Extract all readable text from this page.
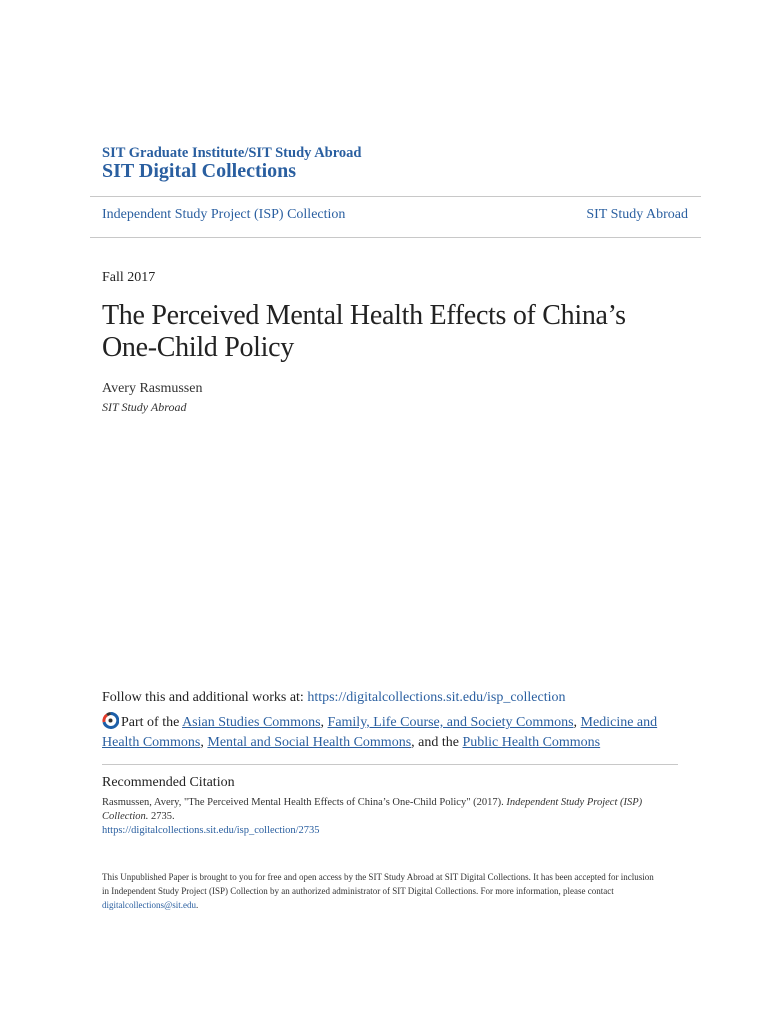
SIT Graduate Institute/SIT Study Abroad
SIT Digital Collections
Independent Study Project (ISP) Collection	SIT Study Abroad
Fall 2017
The Perceived Mental Health Effects of China’s One-Child Policy
Avery Rasmussen
SIT Study Abroad
Follow this and additional works at: https://digitalcollections.sit.edu/isp_collection
Part of the Asian Studies Commons, Family, Life Course, and Society Commons, Medicine and Health Commons, Mental and Social Health Commons, and the Public Health Commons
Recommended Citation
Rasmussen, Avery, "The Perceived Mental Health Effects of China’s One-Child Policy" (2017). Independent Study Project (ISP) Collection. 2735.
https://digitalcollections.sit.edu/isp_collection/2735
This Unpublished Paper is brought to you for free and open access by the SIT Study Abroad at SIT Digital Collections. It has been accepted for inclusion in Independent Study Project (ISP) Collection by an authorized administrator of SIT Digital Collections. For more information, please contact digitalcollections@sit.edu.
